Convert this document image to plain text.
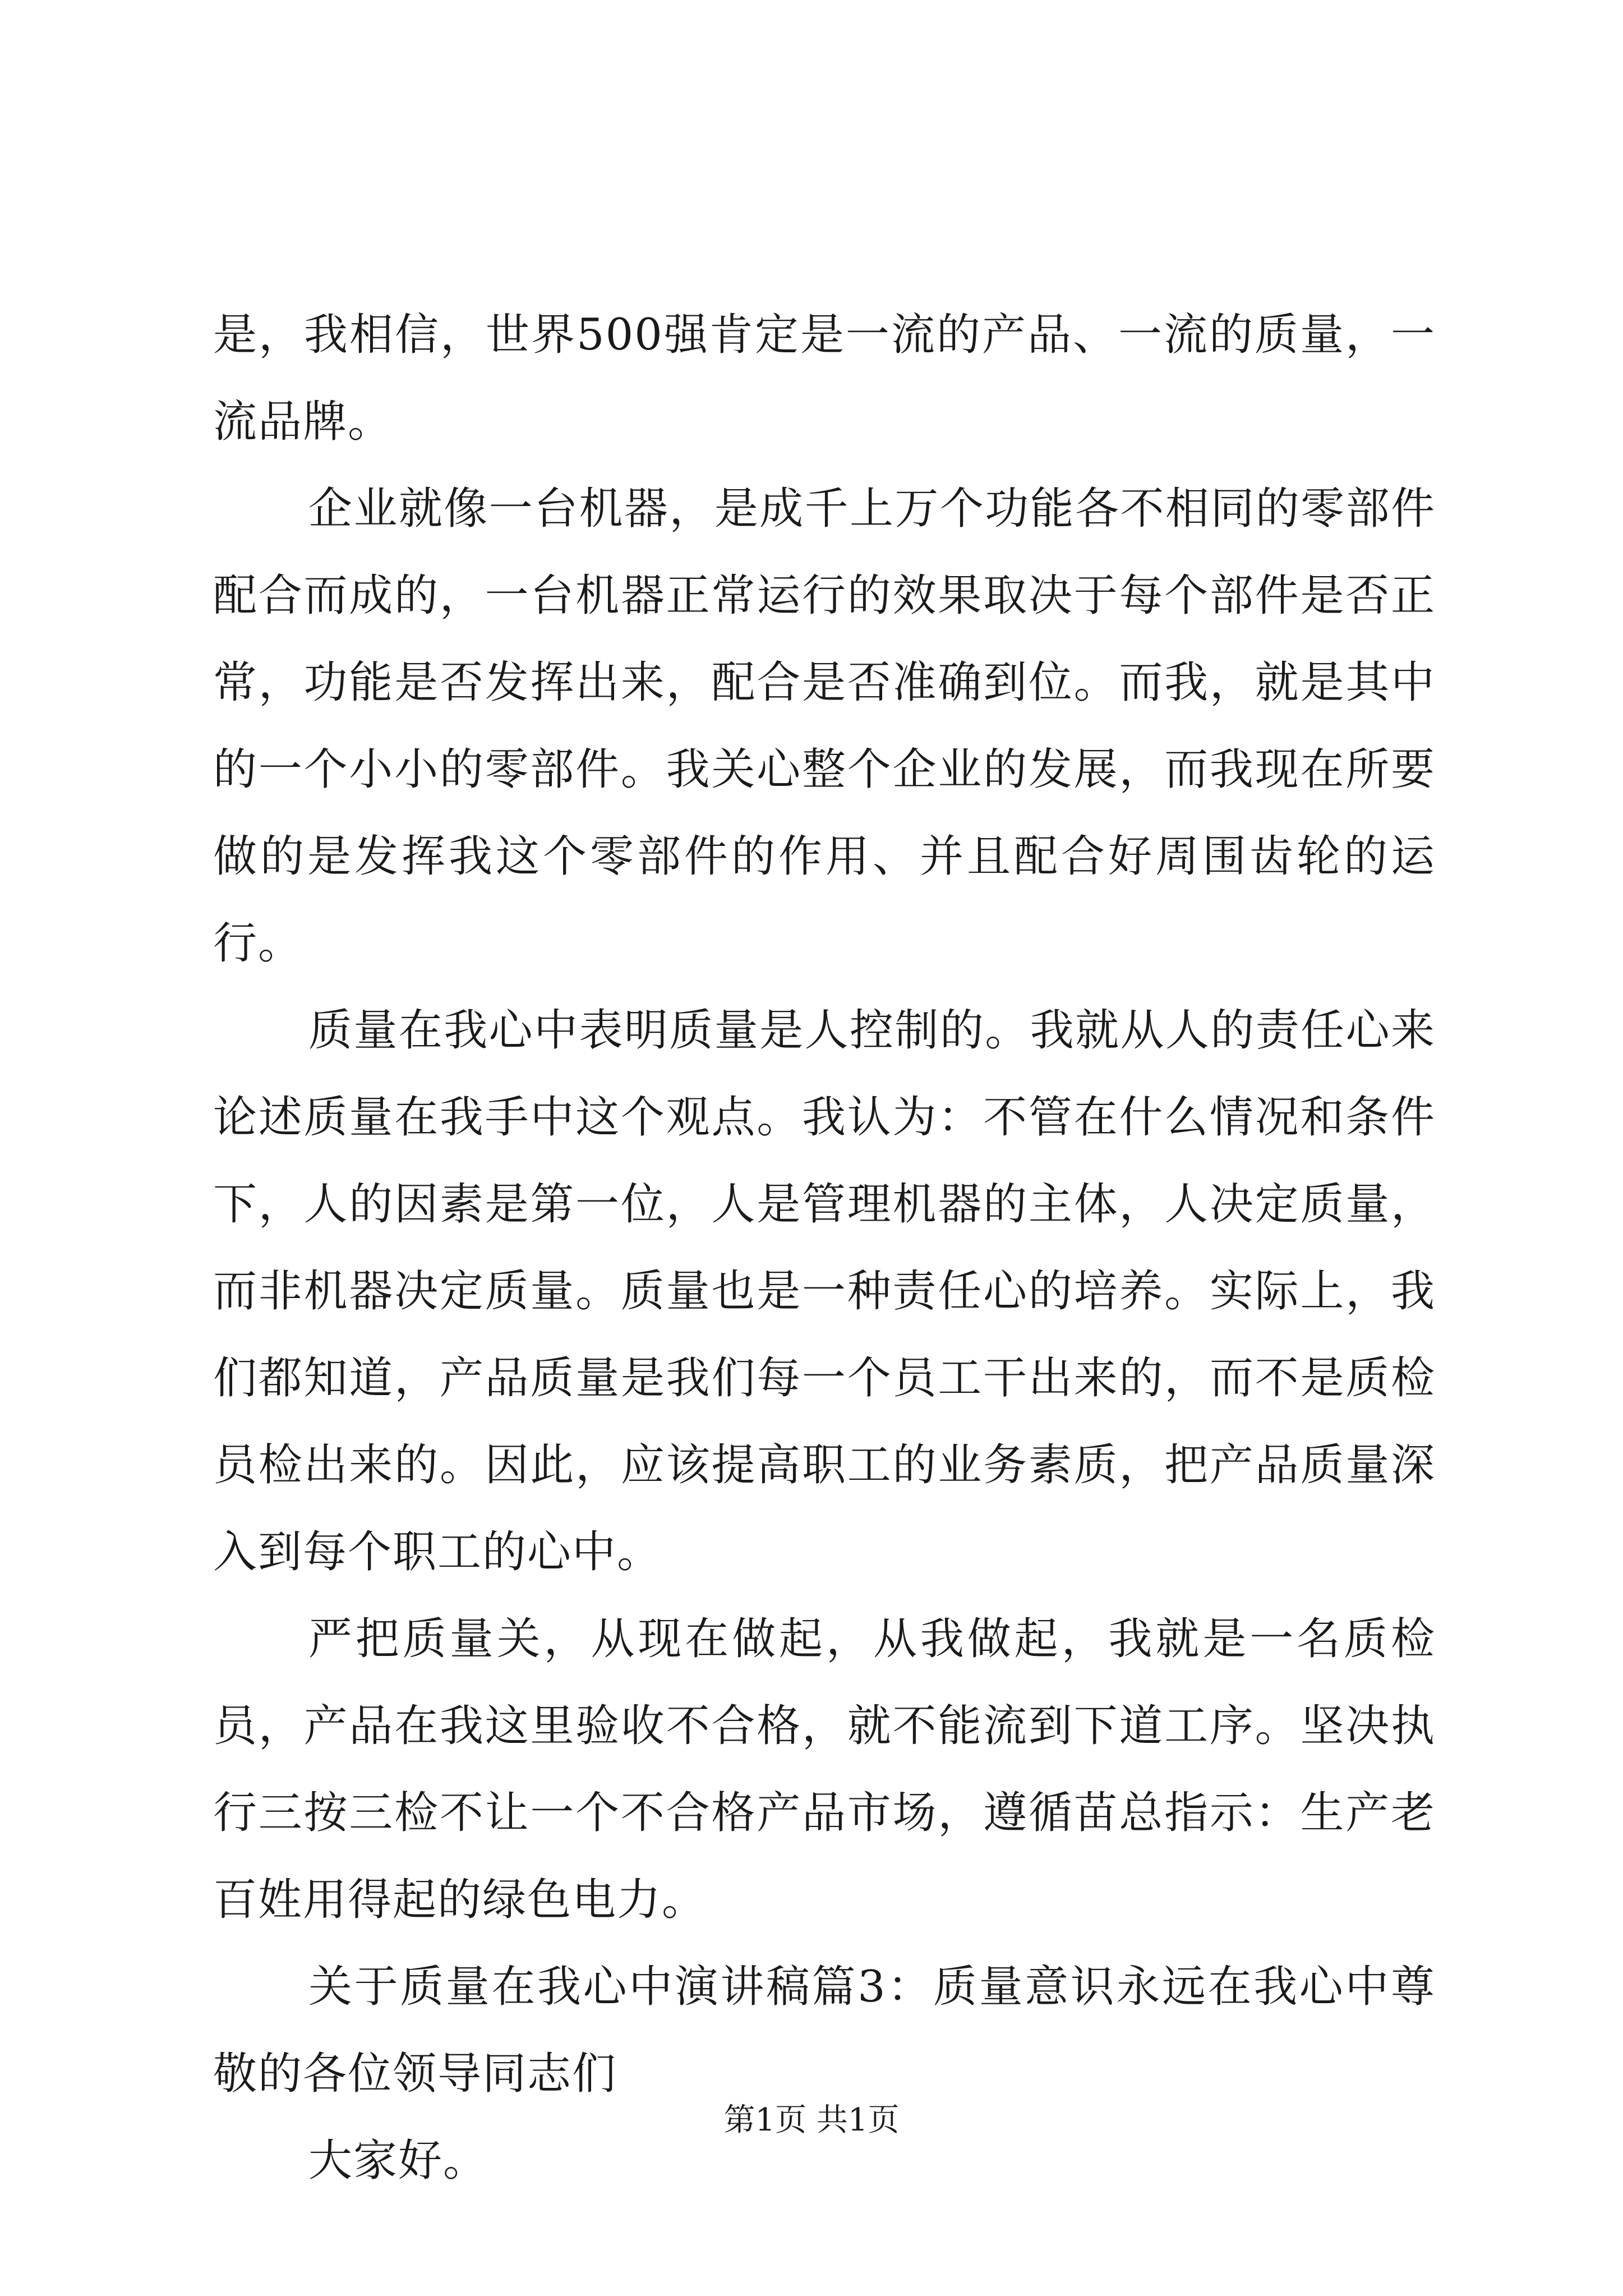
是，我相信，世界500强肯定是一流的产品、一流的质量，一流品牌。

企业就像一台机器，是成千上万个功能各不相同的零部件配合而成的，一台机器正常运行的效果取决于每个部件是否正常，功能是否发挥出来，配合是否准确到位。而我，就是其中的一个小小的零部件。我关心整个企业的发展，而我现在所要做的是发挥我这个零部件的作用、并且配合好周围齿轮的运行。

质量在我心中表明质量是人控制的。我就从人的责任心来论述质量在我手中这个观点。我认为：不管在什么情况和条件下，人的因素是第一位，人是管理机器的主体，人决定质量，而非机器决定质量。质量也是一种责任心的培养。实际上，我们都知道，产品质量是我们每一个员工干出来的，而不是质检员检出来的。因此，应该提高职工的业务素质，把产品质量深入到每个职工的心中。

严把质量关，从现在做起，从我做起，我就是一名质检员，产品在我这里验收不合格，就不能流到下道工序。坚决执行三按三检不让一个不合格产品市场，遵循苗总指示：生产老百姓用得起的绿色电力。

关于质量在我心中演讲稿篇3：质量意识永远在我心中尊敬的各位领导同志们

大家好。

第1页 共1页
